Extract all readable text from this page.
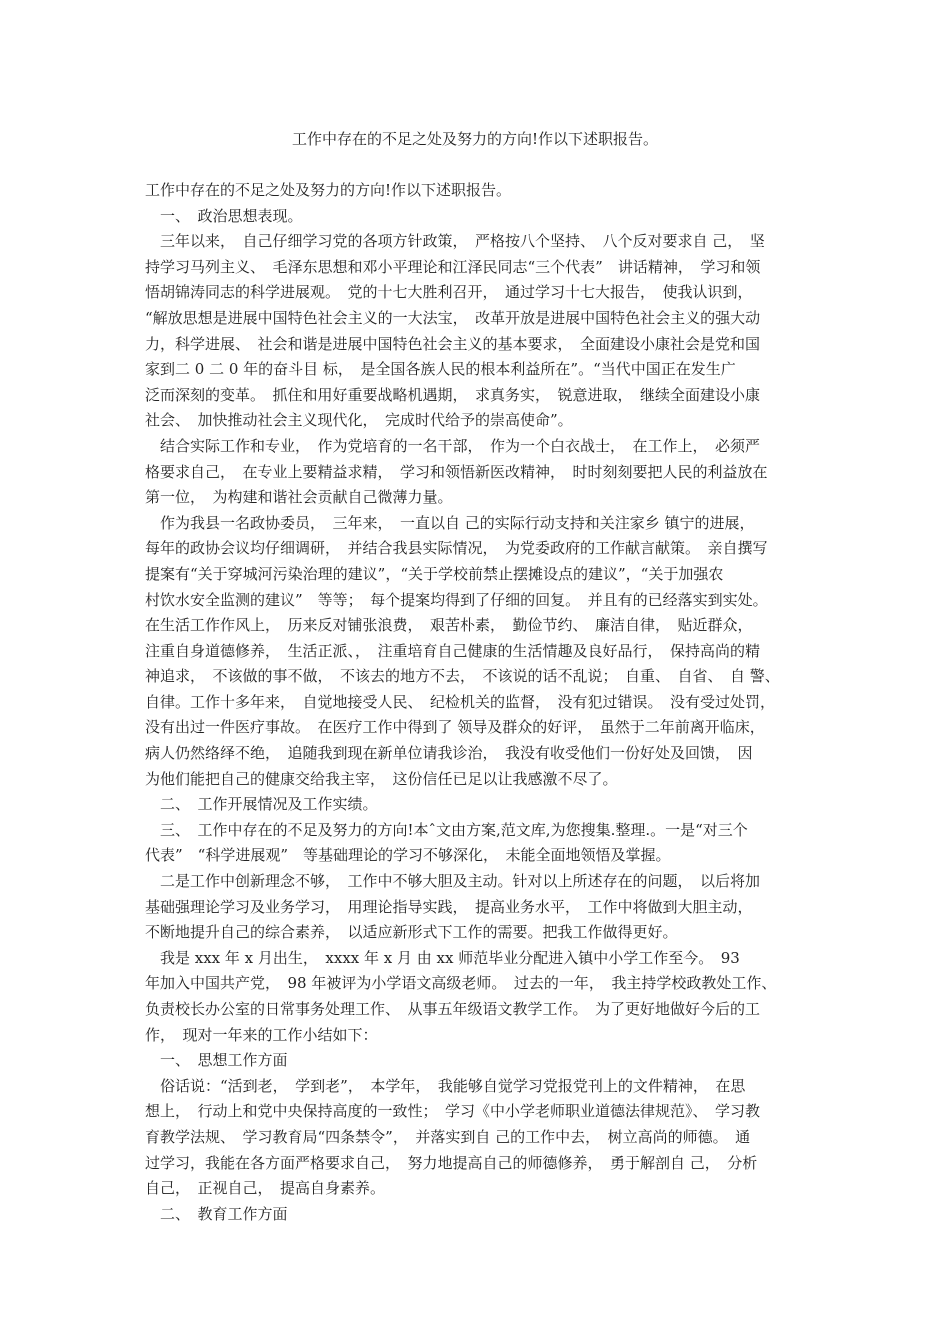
工作中存在的不足之处及努力的方向!作以下述职报告。
工作中存在的不足之处及努力的方向!作以下述职报告。
　一、　政治思想表现。
　三年以来，　自己仔细学习党的各项方针政策，　严格按八个坚持、　八个反对要求自 己，　坚
持学习马列主义、　毛泽东思想和邓小平理论和江泽民同志“三个代表”　讲话精神，　学习和领
悟胡锦涛同志的科学进展观。　党的十七大胜利召开，　通过学习十七大报告，　使我认识到，
“解放思想是进展中国特色社会主义的一大法宝，　改革开放是进展中国特色社会主义的强大动
力，科学进展、　社会和谐是进展中国特色社会主义的基本要求，　全面建设小康社会是党和国
家到二 0 二 0 年的奋斗目 标，　是全国各族人民的根本利益所在”。“当代中国正在发生广
泛而深刻的变革。　抓住和用好重要战略机遇期，　求真务实，　锐意进取，　继续全面建设小康
社会、　加快推动社会主义现代化，　完成时代给予的崇高使命”。
　结合实际工作和专业，　作为党培育的一名干部，　作为一个白衣战士，　在工作上，　必须严
格要求自己，　在专业上要精益求精，　学习和领悟新医改精神，　时时刻刻要把人民的利益放在
第一位，　为构建和谐社会贡献自己微薄力量。
　作为我县一名政协委员，　三年来，　一直以自 己的实际行动支持和关注家乡 镇宁的进展，
每年的政协会议均仔细调研，　并结合我县实际情况，　为党委政府的工作献言献策。　亲自撰写
提案有“关于穿城河污染治理的建议”，“关于学校前禁止摆摊设点的建议”，“关于加强农
村饮水安全监测的建议”　等等；　每个提案均得到了仔细的回复。　并且有的已经落实到实处。
在生活工作作风上，　历来反对铺张浪费，　艰苦朴素，　勤俭节约、　廉洁自律，　贴近群众，
注重自身道德修养，　生活正派、，　注重培育自己健康的生活情趣及良好品行，　保持高尚的精
神追求，　不该做的事不做，　不该去的地方不去，　不该说的话不乱说；　自重、　自省、　自 警、
自律。工作十多年来，　自觉地接受人民、　纪检机关的监督，　没有犯过错误。　没有受过处罚，
没有出过一件医疗事故。　在医疗工作中得到了 领导及群众的好评，　虽然于二年前离开临床，
病人仍然络绎不绝，　追随我到现在新单位请我诊治，　我没有收受他们一份好处及回馈，　因
为他们能把自己的健康交给我主宰，　这份信任已足以让我感激不尽了。
　二、　工作开展情况及工作实绩。
　三、　工作中存在的不足及努力的方向!本ˆ文由方案,范文库,为您搜集.整理.。一是“对三个
代表”　“科学进展观”　等基础理论的学习不够深化，　未能全面地领悟及掌握。
　二是工作中创新理念不够，　工作中不够大胆及主动。针对以上所述存在的问题，　以后将加
基础强理论学习及业务学习，　用理论指导实践，　提高业务水平，　工作中将做到大胆主动，
不断地提升自己的综合素养，　以适应新形式下工作的需要。把我工作做得更好。
　我是 xxx 年 x 月出生，　xxxx 年 x 月 由 xx 师范毕业分配进入镇中小学工作至今。　93
年加入中国共产党，　98 年被评为小学语文高级老师。　过去的一年，　我主持学校政教处工作、
负责校长办公室的日常事务处理工作、　从事五年级语文教学工作。　为了更好地做好今后的工
作，　现对一年来的工作小结如下：
　一、　思想工作方面
　俗话说：“活到老，　学到老”，　本学年，　我能够自觉学习党报党刊上的文件精神，　在思
想上，　行动上和党中央保持高度的一致性；　学习《中小学老师职业道德法律规范》、　学习教
育教学法规、　学习教育局“四条禁令”，　并落实到自 己的工作中去，　树立高尚的师德。　通
过学习，我能在各方面严格要求自己，　努力地提高自己的师德修养，　勇于解剖自 己，　分析
自己，　正视自己，　提高自身素养。
　二、　教育工作方面
